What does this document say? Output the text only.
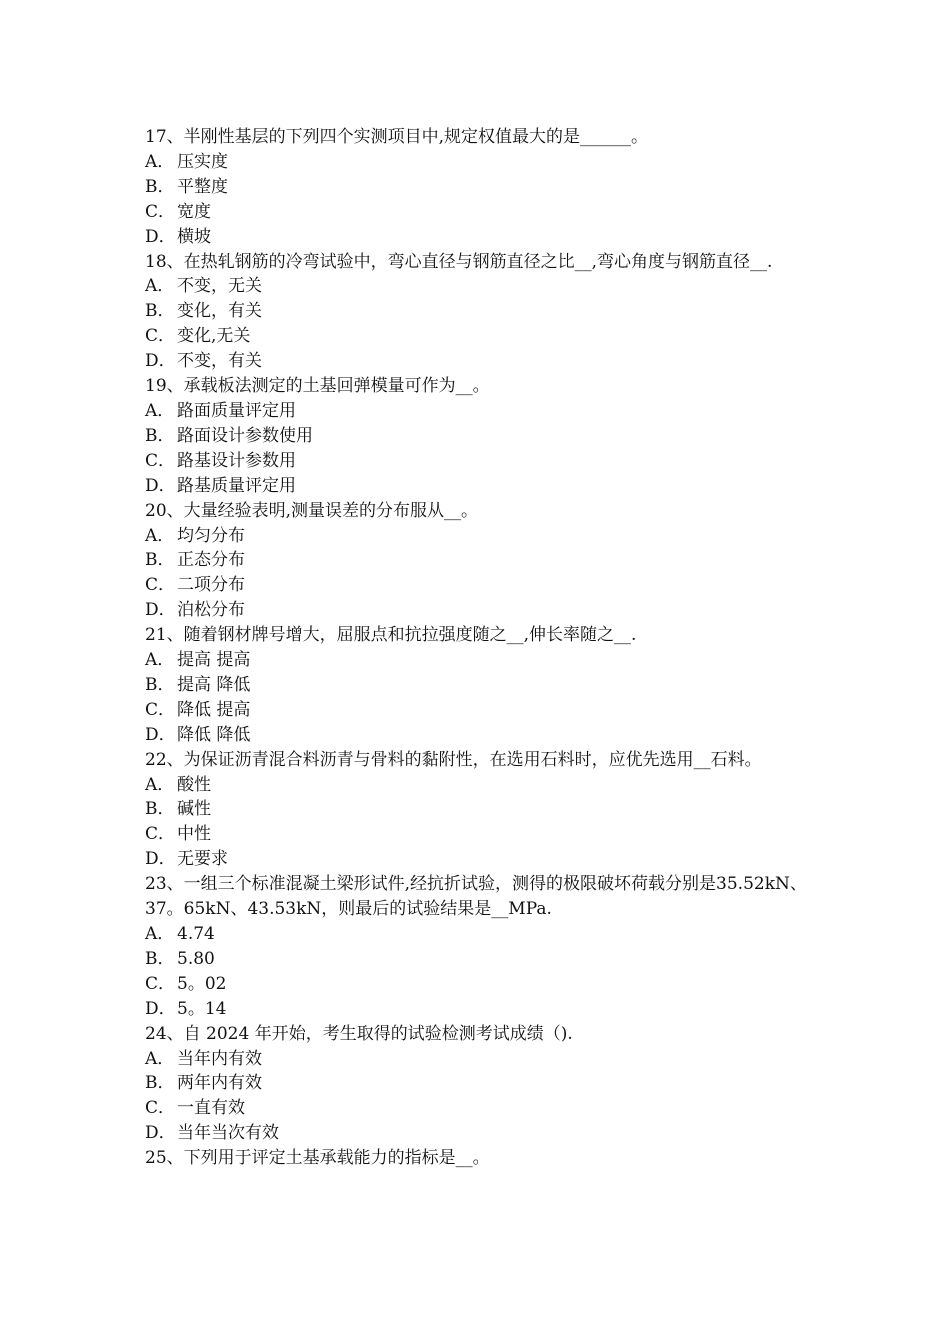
17、半刚性基层的下列四个实测项目中,规定权值最大的是______。
A． 压实度
B． 平整度
C． 宽度
D．横坡
18、在热轧钢筋的冷弯试验中，弯心直径与钢筋直径之比__,弯心角度与钢筋直径__.
A． 不变，无关
B． 变化，有关
C． 变化,无关
D．不变，有关
19、承载板法测定的土基回弹模量可作为__。
A． 路面质量评定用
B． 路面设计参数使用
C． 路基设计参数用
D．路基质量评定用
20、大量经验表明,测量误差的分布服从__。
A． 均匀分布
B． 正态分布
C． 二项分布
D．泊松分布
21、随着钢材牌号增大，屈服点和抗拉强度随之__,伸长率随之__.
A． 提高 提高
B． 提高 降低
C． 降低 提高
D．降低 降低
22、为保证沥青混合料沥青与骨料的黏附性，在选用石料时，应优先选用__石料。
A． 酸性
B． 碱性
C． 中性
D．无要求
23、一组三个标准混凝土梁形试件,经抗折试验，测得的极限破坏荷载分别是35.52kN、37。65kN、43.53kN，则最后的试验结果是__MPa.
A． 4.74
B． 5.80
C． 5。02
D．5。14
24、自 2024 年开始，考生取得的试验检测考试成绩（).
A． 当年内有效
B． 两年内有效
C． 一直有效
D．当年当次有效
25、下列用于评定土基承载能力的指标是__。
